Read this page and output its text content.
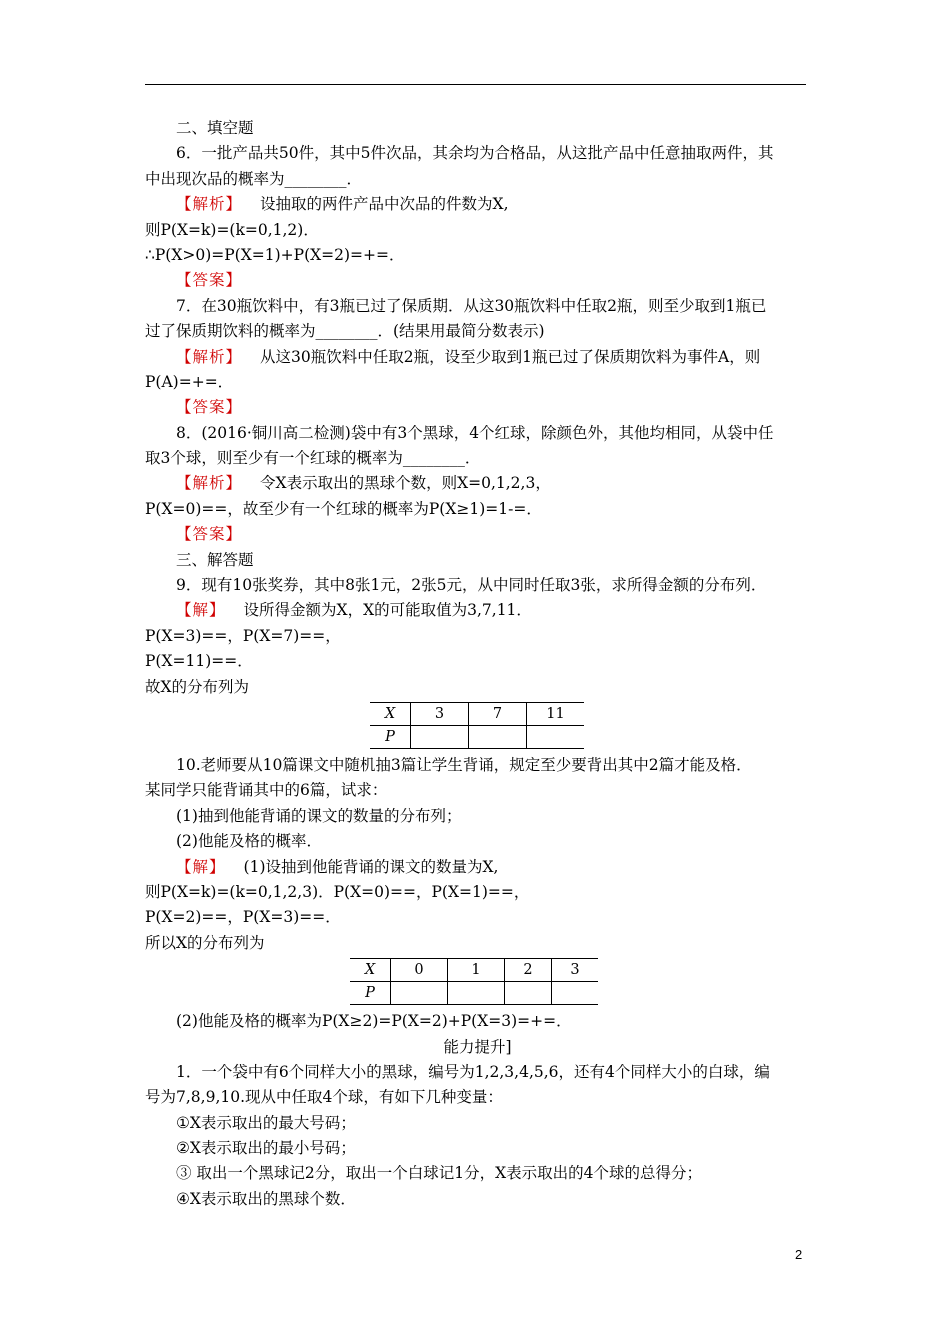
二、填空题
6．一批产品共50件，其中5件次品，其余均为合格品，从这批产品中任意抽取两件，其
中出现次品的概率为________．
【 解析 】 设抽取的两件产品中次品的件数为X,
则P(X=k)=(k=0,1,2)．
∴P(X>0)=P(X=1)+P(X=2)=+=．
【 答案 】
7．在30瓶饮料中，有3瓶已过了保质期．从这30瓶饮料中任取2瓶，则至少取到1瓶已
过了保质期饮料的概率为________．(结果用最简分数表示)
【 解析 】 从这30瓶饮料中任取2瓶，设至少取到1瓶已过了保质期饮料为事件A，则
P(A)=+=．
【 答案 】
8．(2016·铜川高二检测)袋中有3个黑球，4个红球，除颜色外，其他均相同，从袋中任
取3个球，则至少有一个红球的概率为________．
【 解析 】 令X表示取出的黑球个数，则X=0,1,2,3，
P(X=0)==，故至少有一个红球的概率为P(X≥1)=1-=．
【 答案 】
三、解答题
9．现有10张奖券，其中8张1元，2张5元，从中同时任取3张，求所得金额的分布列．
【 解 】 设所得金额为X，X的可能取值为3,7,11．
P(X=3)==，P(X=7)==，
P(X=11)==．
故X的分布列为
X	3	7	11
P			
10.老师要从10篇课文中随机抽3篇让学生背诵，规定至少要背出其中2篇才能及格．
某同学只能背诵其中的6篇，试求：
(1)抽到他能背诵的课文的数量的分布列；
(2)他能及格的概率．
【 解 】 (1)设抽到他能背诵的课文的数量为X,
则P(X=k)=(k=0,1,2,3)．P(X=0)==，P(X=1)==，
P(X=2)==，P(X=3)==．
所以X的分布列为
X	0	1	2	3
P				
(2)他能及格的概率为P(X≥2)=P(X=2)+P(X=3)=+=．
能力提升]
1．一个袋中有6个同样大小的黑球，编号为1,2,3,4,5,6，还有4个同样大小的白球，编
号为7,8,9,10.现从中任取4个球，有如下几种变量：
①X表示取出的最大号码；
②X表示取出的最小号码；
③ 取出一个黑球记2分，取出一个白球记1分，X表示取出的4个球的总得分；
④X表示取出的黑球个数．
2
